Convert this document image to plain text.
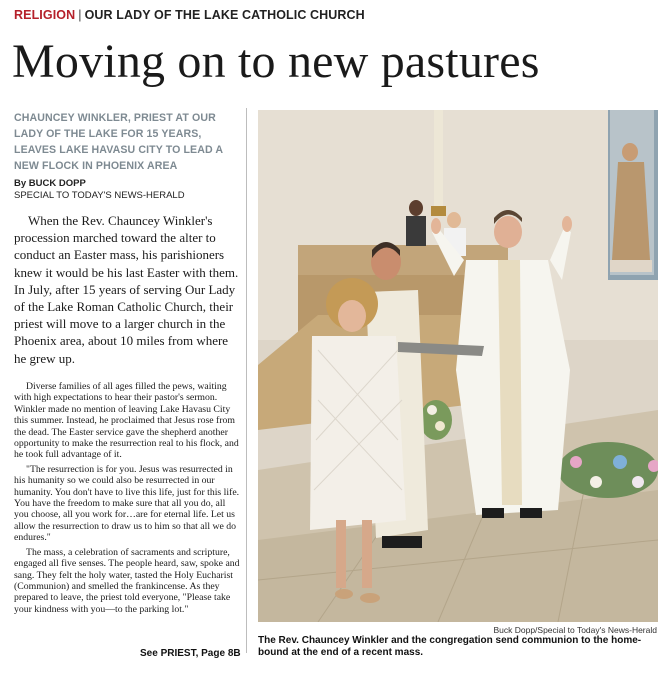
RELIGION | OUR LADY OF THE LAKE CATHOLIC CHURCH
Moving on to new pastures
CHAUNCEY WINKLER, PRIEST AT OUR LADY OF THE LAKE FOR 15 YEARS, LEAVES LAKE HAVASU CITY TO LEAD A NEW FLOCK IN PHOENIX AREA
By BUCK DOPP
SPECIAL TO TODAY'S NEWS-HERALD

When the Rev. Chauncey Winkler's procession marched toward the alter to conduct an Easter mass, his parishioners knew it would be his last Easter with them. In July, after 15 years of serving Our Lady of the Lake Roman Catholic Church, their priest will move to a larger church in the Phoenix area, about 10 miles from where he grew up.

Diverse families of all ages filled the pews, waiting with high expectations to hear their pastor's sermon. Winkler made no mention of leaving Lake Havasu City this summer. Instead, he proclaimed that Jesus rose from the dead. The Easter service gave the shepherd another opportunity to make the resurrection real to his flock, and he took full advantage of it.

"The resurrection is for you. Jesus was resurrected in his humanity so we could also be resurrected in our humanity. You don't have to live this life, just for this life. You have the freedom to make sure that all you do, all you choose, all you work for…are for eternal life. Let us allow the resurrection to draw us to him so that all we do endures."

The mass, a celebration of sacraments and scripture, engaged all five senses. The people heard, saw, spoke and sang. They felt the holy water, tasted the Holy Eucharist (Communion) and smelled the frankincense. As they prepared to leave, the priest told everyone, "Please take your kindness with you—to the parking lot."

See PRIEST, Page 8B
Buck Dopp/Special to Today's News-Herald
The Rev. Chauncey Winkler and the congregation send communion to the home-bound at the end of a recent mass.
